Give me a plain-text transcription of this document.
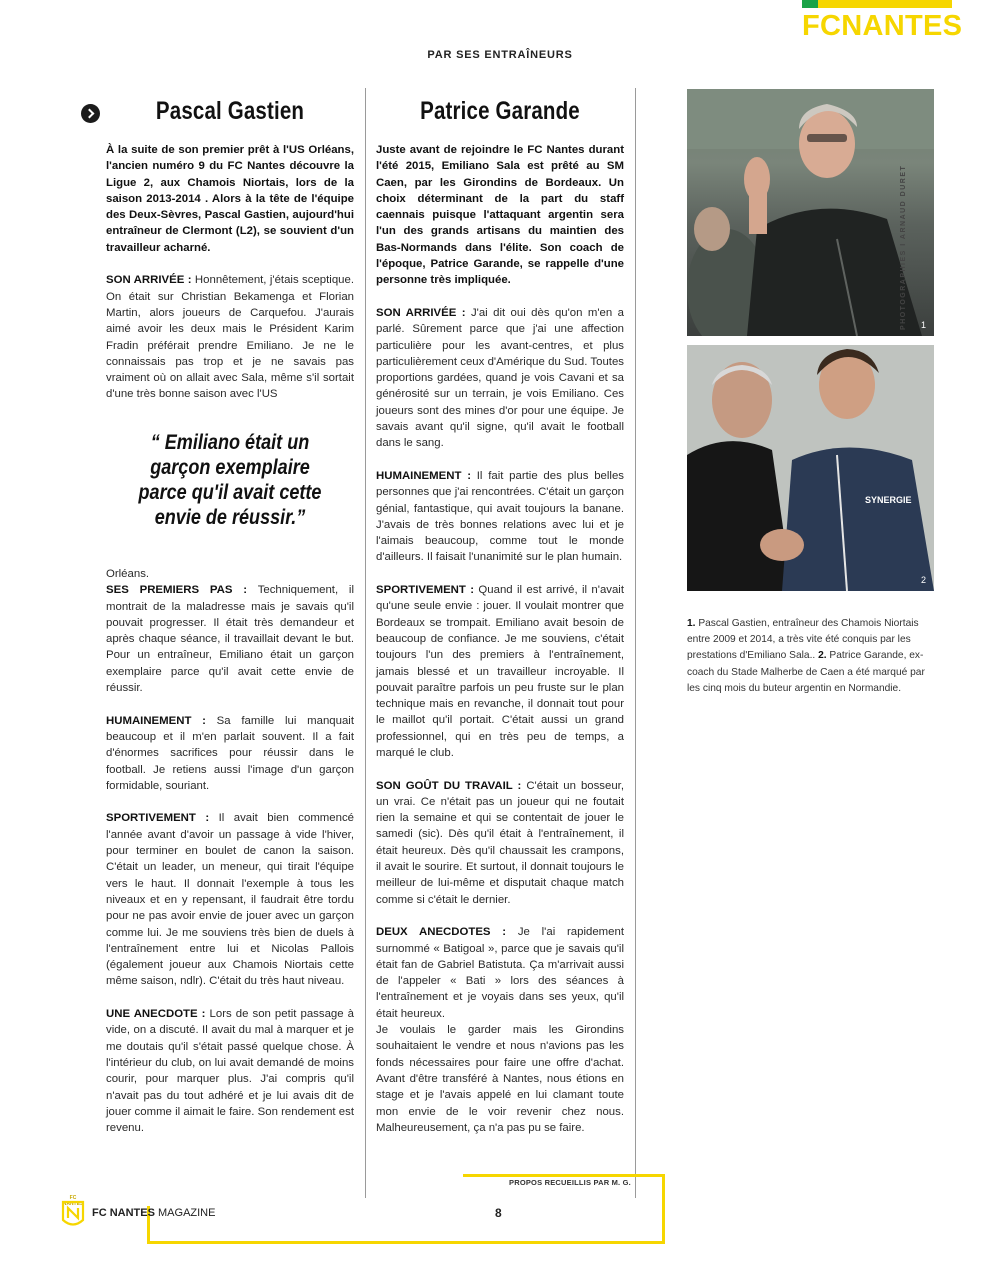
FCNANTES
PAR SES ENTRAÎNEURS
Pascal Gastien

À la suite de son premier prêt à l'US Orléans, l'ancien numéro 9 du FC Nantes découvre la Ligue 2, aux Chamois Niortais, lors de la saison 2013-2014 . Alors à la tête de l'équipe des Deux-Sèvres, Pascal Gastien, aujourd'hui entraîneur de Clermont (L2), se souvient d'un travailleur acharné.

SON ARRIVÉE : Honnêtement, j'étais sceptique. On était sur Christian Bekamenga et Florian Martin, alors joueurs de Carquefou. J'aurais aimé avoir les deux mais le Président Karim Fradin préférait prendre Emiliano. Je ne le connaissais pas trop et je ne savais pas vraiment où on allait avec Sala, même s'il sortait d'une très bonne saison avec l'US

“ Emiliano était un garçon exemplaire parce qu'il avait cette envie de réussir.”

Orléans.

SES PREMIERS PAS : Techniquement, il montrait de la maladresse mais je savais qu'il pouvait progresser. Il était très demandeur et après chaque séance, il travaillait devant le but. Pour un entraîneur, Emiliano était un garçon exemplaire parce qu'il avait cette envie de réussir.

HUMAINEMENT : Sa famille lui manquait beaucoup et il m'en parlait souvent. Il a fait d'énormes sacrifices pour réussir dans le football. Je retiens aussi l'image d'un garçon formidable, souriant.

SPORTIVEMENT : Il avait bien commencé l'année avant d'avoir un passage à vide l'hiver, pour terminer en boulet de canon la saison. C'était un leader, un meneur, qui tirait l'équipe vers le haut. Il donnait l'exemple à tous les niveaux et en y repensant, il faudrait être tordu pour ne pas avoir envie de jouer avec un garçon comme lui. Je me souviens très bien de duels à l'entraînement entre lui et Nicolas Pallois (également joueur aux Chamois Niortais cette même saison, ndlr). C'était du très haut niveau.

UNE ANECDOTE : Lors de son petit passage à vide, on a discuté. Il avait du mal à marquer et je me doutais qu'il s'était passé quelque chose. À l'intérieur du club, on lui avait demandé de moins courir, pour marquer plus. J'ai compris qu'il n'avait pas du tout adhéré et je lui avais dit de jouer comme il aimait le faire. Son rendement est revenu.

Patrice Garande

Juste avant de rejoindre le FC Nantes durant l'été 2015, Emiliano Sala est prêté au SM Caen, par les Girondins de Bordeaux. Un choix déterminant de la part du staff caennais puisque l'attaquant argentin sera l'un des grands artisans du maintien des Bas-Normands dans l'élite. Son coach de l'époque, Patrice Garande, se rappelle d'une personne très impliquée.

SON ARRIVÉE : J'ai dit oui dès qu'on m'en a parlé. Sûrement parce que j'ai une affection particulière pour les avant-centres, et plus particulièrement ceux d'Amérique du Sud. Toutes proportions gardées, quand je vois Cavani et sa générosité sur un terrain, je vois Emiliano. Ces joueurs sont des mines d'or pour une équipe. Je savais avant qu'il signe, qu'il avait le football dans le sang.

HUMAINEMENT : Il fait partie des plus belles personnes que j'ai rencontrées. C'était un garçon génial, fantastique, qui avait toujours la banane. J'avais de très bonnes relations avec lui et je l'aimais beaucoup, comme tout le monde d'ailleurs. Il faisait l'unanimité sur le plan humain.

SPORTIVEMENT : Quand il est arrivé, il n'avait qu'une seule envie : jouer. Il voulait montrer que Bordeaux se trompait. Emiliano avait besoin de beaucoup de confiance. Je me souviens, c'était toujours l'un des premiers à l'entraînement, jamais blessé et un travailleur incroyable. Il pouvait paraître parfois un peu fruste sur le plan technique mais en revanche, il donnait tout pour le maillot qu'il portait. C'était aussi un grand professionnel, qui en très peu de temps, a marqué le club.

SON GOÛT DU TRAVAIL : C'était un bosseur, un vrai. Ce n'était pas un joueur qui ne foutait rien la semaine et qui se contentait de jouer le samedi (sic). Dès qu'il était à l'entraînement, il était heureux. Dès qu'il chaussait les crampons, il avait le sourire. Et surtout, il donnait toujours le meilleur de lui-même et disputait chaque match comme si c'était le dernier.

DEUX ANECDOTES : Je l'ai rapidement surnommé « Batigoal », parce que je savais qu'il était fan de Gabriel Batistuta. Ça m'arrivait aussi de l'appeler « Bati » lors des séances à l'entraînement et je voyais dans ses yeux, qu'il était heureux.

Je voulais le garder mais les Girondins souhaitaient le vendre et nous n'avions pas les fonds nécessaires pour faire une offre d'achat. Avant d'être transféré à Nantes, nous étions en stage et je l'avais appelé en lui clamant toute mon envie de le voir revenir chez nous. Malheureusement, ça n'a pas pu se faire.

1
SYNERGIE
2
PHOTOGRAPHIES I ARNAUD DURET
1. Pascal Gastien, entraîneur des Chamois Niortais entre 2009 et 2014, a très vite été conquis par les prestations d'Emiliano Sala.. 2. Patrice Garande, ex-coach du Stade Malherbe de Caen a été marqué par les cinq mois du buteur argentin en Normandie.
PROPOS RECUEILLIS PAR M. G.
FC NANTES
FC NANTES MAGAZINE	8
